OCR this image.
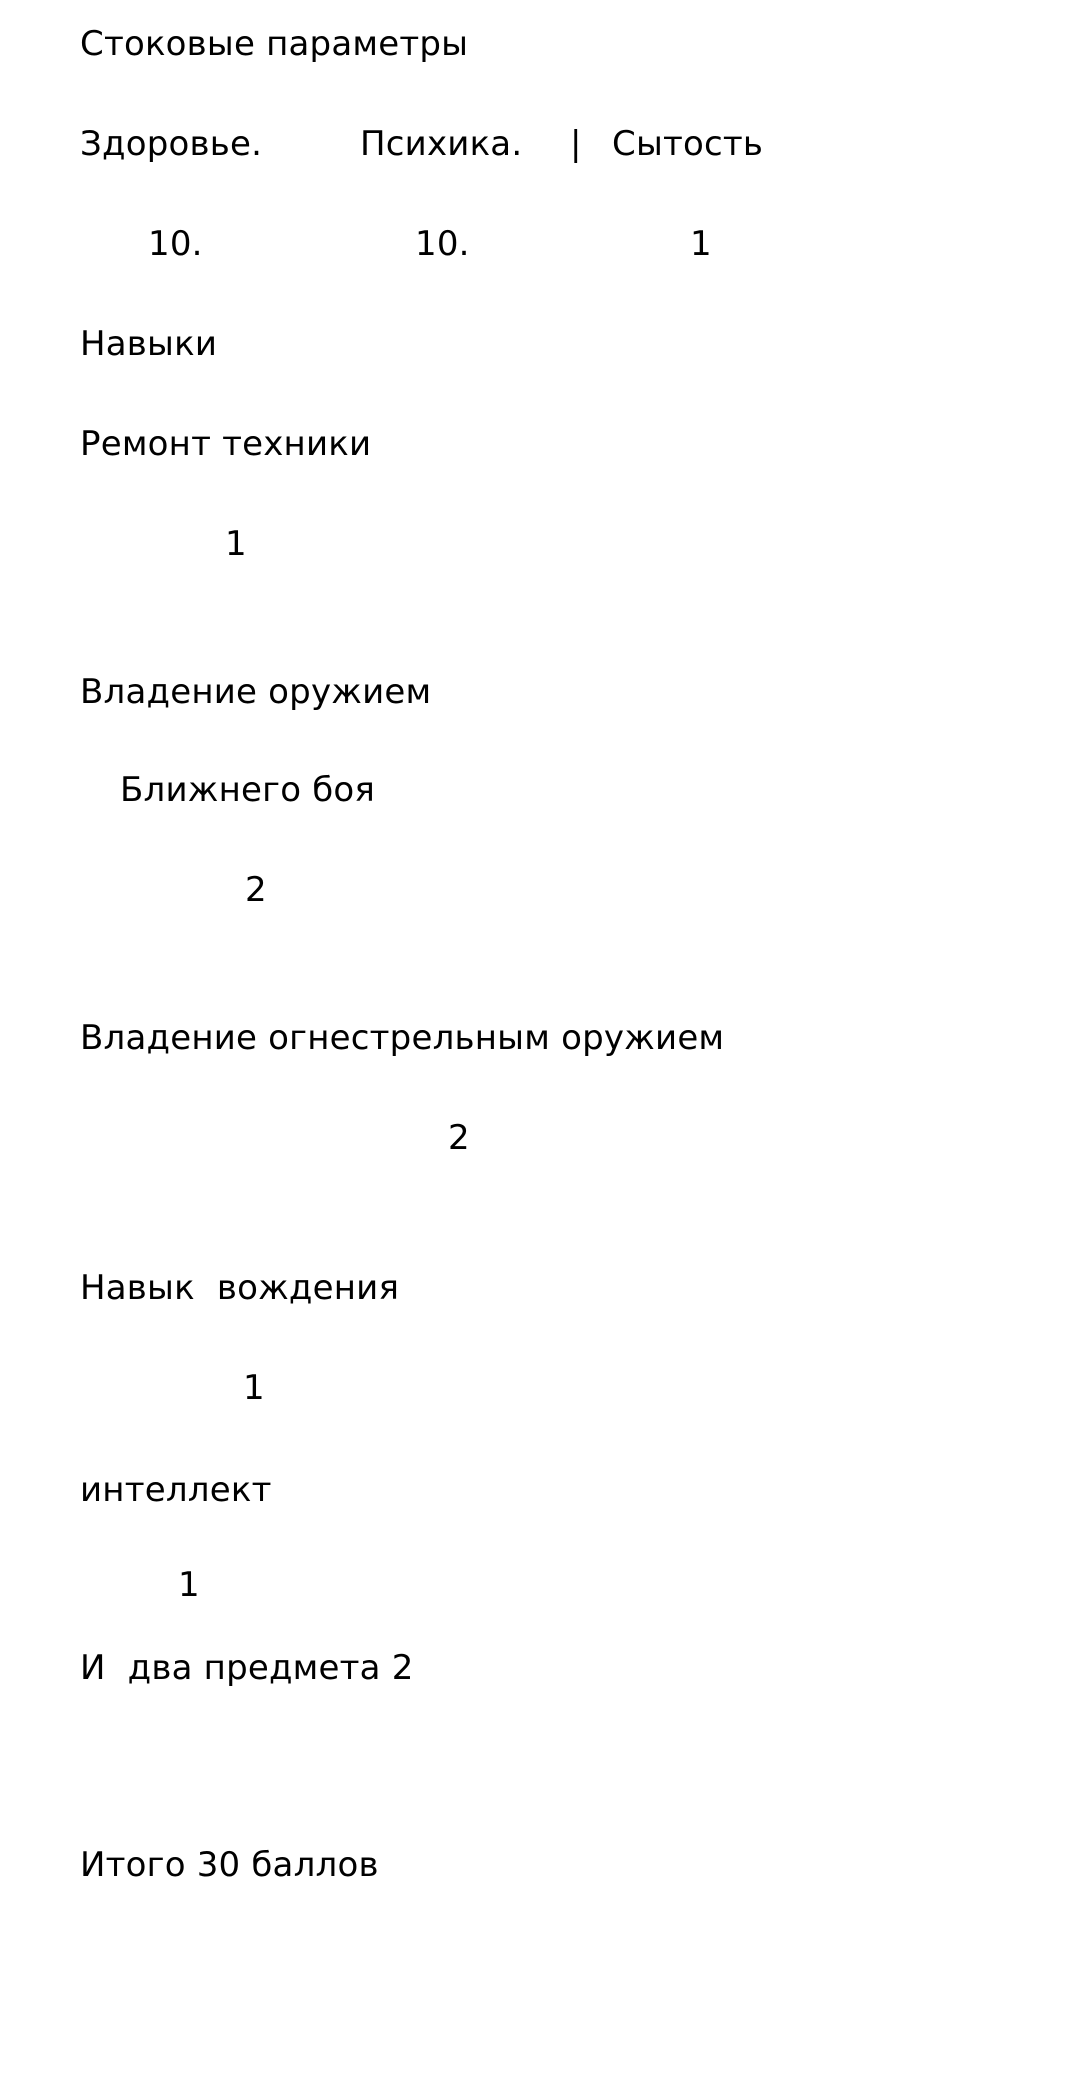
Стоковые параметры
Здоровье.	Психика. | Сытость
10.	10.	1
Навыки
Ремонт техники
1
Владение оружием
Ближнего боя
2
Владение огнестрельным оружием
2
Навык  вождения
1
интеллект
1
И  два предмета 2
Итого 30 баллов
